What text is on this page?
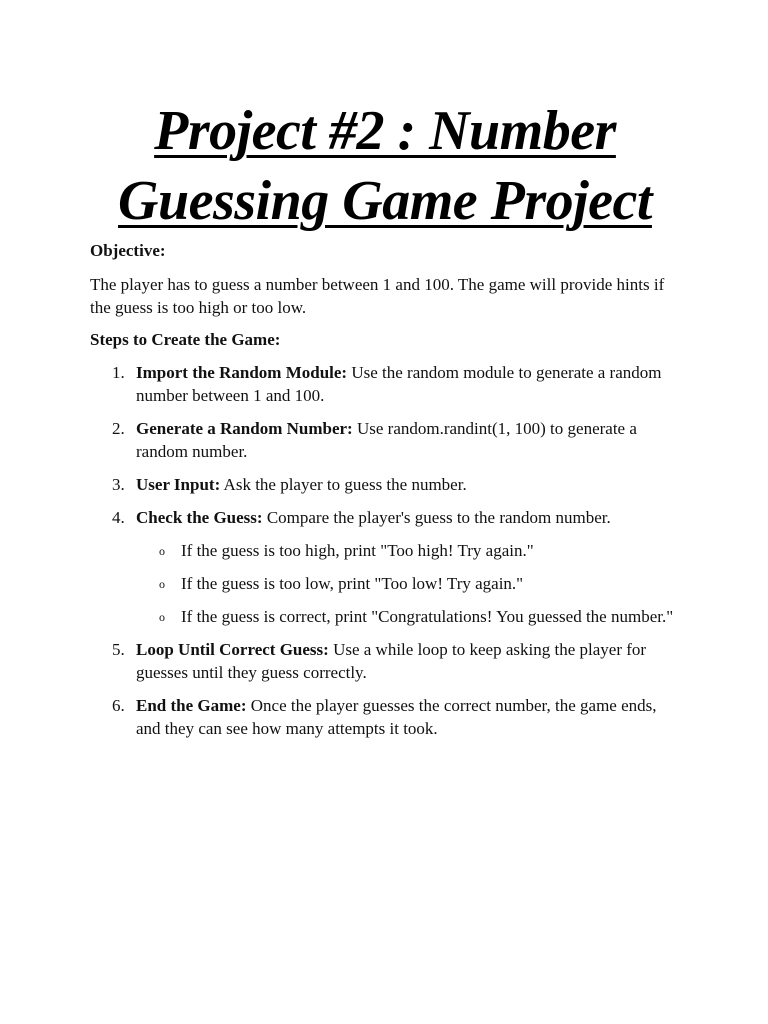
Project #2 : Number
Guessing Game Project
Objective:

The player has to guess a number between 1 and 100. The game will provide hints if the guess is too high or too low.

Steps to Create the Game:
1. Import the Random Module: Use the random module to generate a random number between 1 and 100.
2. Generate a Random Number: Use random.randint(1, 100) to generate a random number.
3. User Input: Ask the player to guess the number.
4. Check the Guess: Compare the player's guess to the random number.
o If the guess is too high, print "Too high! Try again."
o If the guess is too low, print "Too low! Try again."
o If the guess is correct, print "Congratulations! You guessed the number."
5. Loop Until Correct Guess: Use a while loop to keep asking the player for guesses until they guess correctly.
6. End the Game: Once the player guesses the correct number, the game ends, and they can see how many attempts it took.
